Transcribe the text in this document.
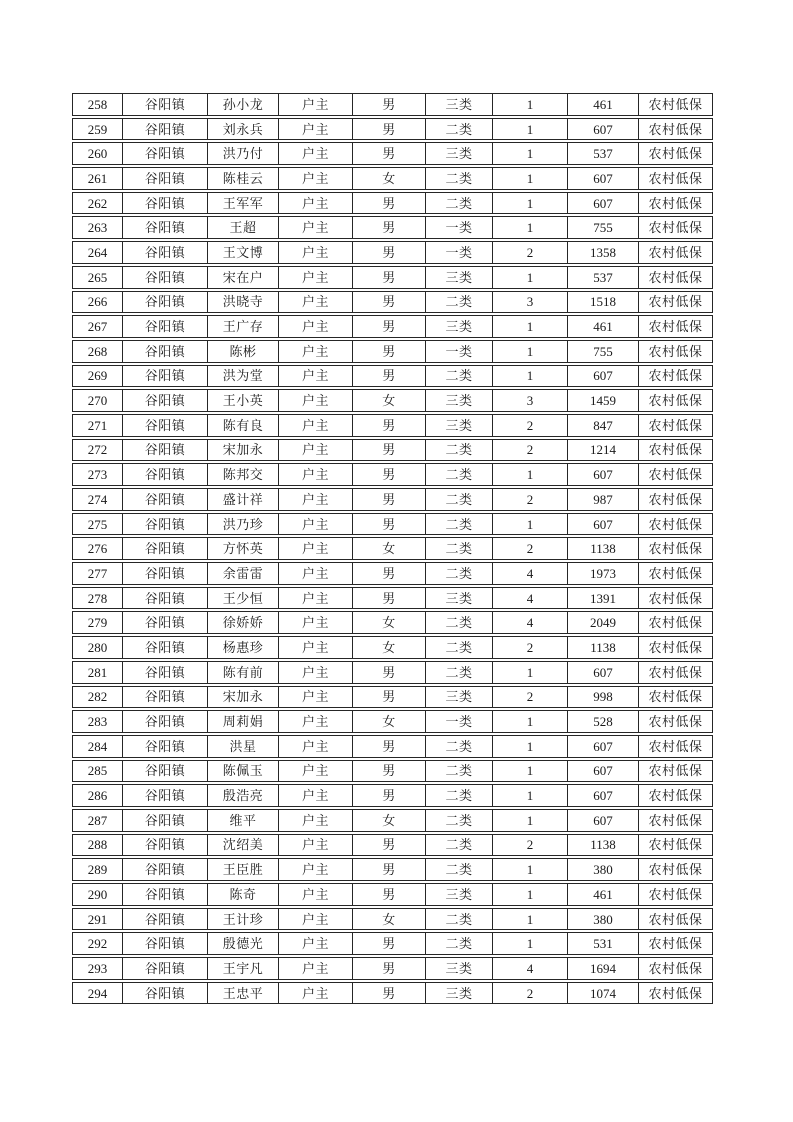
258	谷阳镇	孙小龙	户主	男	三类	1	461	农村低保
259	谷阳镇	刘永兵	户主	男	二类	1	607	农村低保
260	谷阳镇	洪乃付	户主	男	三类	1	537	农村低保
261	谷阳镇	陈桂云	户主	女	二类	1	607	农村低保
262	谷阳镇	王军军	户主	男	二类	1	607	农村低保
263	谷阳镇	王超	户主	男	一类	1	755	农村低保
264	谷阳镇	王文博	户主	男	一类	2	1358	农村低保
265	谷阳镇	宋在户	户主	男	三类	1	537	农村低保
266	谷阳镇	洪晓寺	户主	男	二类	3	1518	农村低保
267	谷阳镇	王广存	户主	男	三类	1	461	农村低保
268	谷阳镇	陈彬	户主	男	一类	1	755	农村低保
269	谷阳镇	洪为堂	户主	男	二类	1	607	农村低保
270	谷阳镇	王小英	户主	女	三类	3	1459	农村低保
271	谷阳镇	陈有良	户主	男	三类	2	847	农村低保
272	谷阳镇	宋加永	户主	男	二类	2	1214	农村低保
273	谷阳镇	陈邦交	户主	男	二类	1	607	农村低保
274	谷阳镇	盛计祥	户主	男	二类	2	987	农村低保
275	谷阳镇	洪乃珍	户主	男	二类	1	607	农村低保
276	谷阳镇	方怀英	户主	女	二类	2	1138	农村低保
277	谷阳镇	余雷雷	户主	男	二类	4	1973	农村低保
278	谷阳镇	王少恒	户主	男	三类	4	1391	农村低保
279	谷阳镇	徐娇娇	户主	女	二类	4	2049	农村低保
280	谷阳镇	杨惠珍	户主	女	二类	2	1138	农村低保
281	谷阳镇	陈有前	户主	男	二类	1	607	农村低保
282	谷阳镇	宋加永	户主	男	三类	2	998	农村低保
283	谷阳镇	周莉娟	户主	女	一类	1	528	农村低保
284	谷阳镇	洪星	户主	男	二类	1	607	农村低保
285	谷阳镇	陈佩玉	户主	男	二类	1	607	农村低保
286	谷阳镇	殷浩亮	户主	男	二类	1	607	农村低保
287	谷阳镇	维平	户主	女	二类	1	607	农村低保
288	谷阳镇	沈绍美	户主	男	二类	2	1138	农村低保
289	谷阳镇	王臣胜	户主	男	二类	1	380	农村低保
290	谷阳镇	陈奇	户主	男	三类	1	461	农村低保
291	谷阳镇	王计珍	户主	女	二类	1	380	农村低保
292	谷阳镇	殷德光	户主	男	二类	1	531	农村低保
293	谷阳镇	王宇凡	户主	男	三类	4	1694	农村低保
294	谷阳镇	王忠平	户主	男	三类	2	1074	农村低保
